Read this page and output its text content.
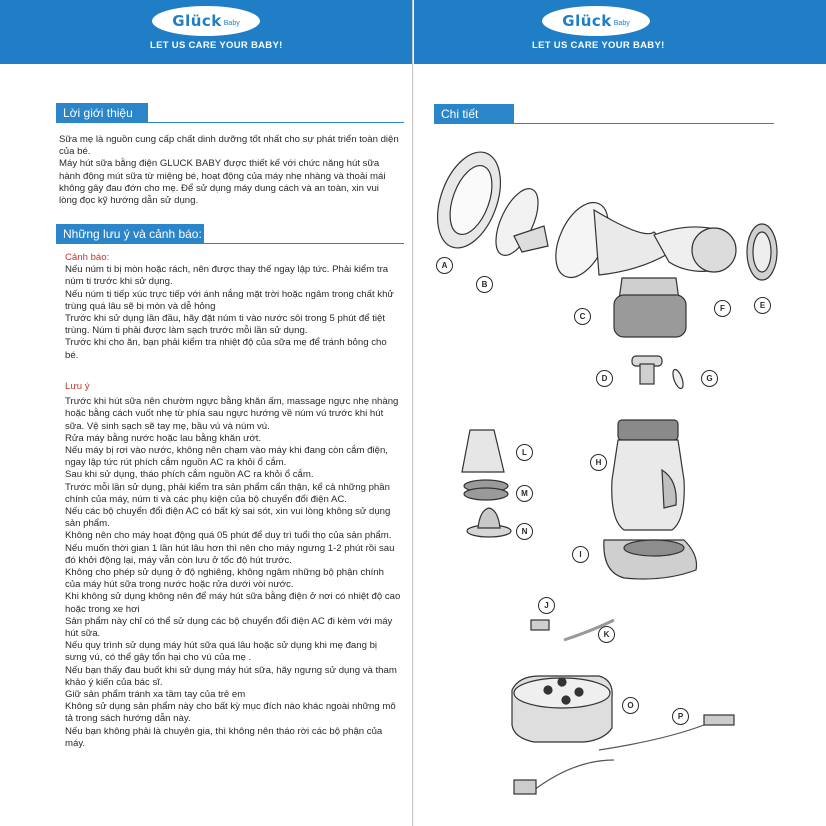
Glück Baby
LET US CARE YOUR BABY!
Lời giới thiệu

Sữa mẹ là nguồn cung cấp chất dinh dưỡng tốt nhất cho sự phát triển toàn diện của bé.

Máy hút sữa bằng điện GLUCK BABY được thiết kế với chức năng hút sữa hành động mút sữa từ miệng bé, hoạt động của máy nhẹ nhàng và thoải mái không gây đau đớn cho mẹ. Để sử dụng máy dung cách và an toàn, xin vui lòng đọc kỹ hướng dẫn sử dụng.

Những lưu ý và cảnh báo:

Cảnh báo:

Nếu núm ti bị mòn hoặc rách, nên được thay thế ngay lập tức. Phải kiểm tra núm ti trước khi sử dụng.

Nếu núm ti tiếp xúc trực tiếp với ánh nắng mặt trời hoặc ngâm trong chất khử trùng quá lâu sẽ bị mòn và dễ hỏng

Trước khi sử dụng lần đầu, hãy đặt núm ti vào nước sôi trong 5 phút để tiệt trùng. Núm ti phải được làm sạch trước mỗi lần sử dụng.

Trước khi cho ăn, bạn phải kiểm tra nhiệt độ của sữa mẹ để tránh bỏng cho bé.

Lưu ý

Trước khi hút sữa nên chườm ngực bằng khăn ấm, massage ngực nhẹ nhàng hoặc bằng cách vuốt nhẹ từ phía sau ngực hướng về núm vú trước khi hút sữa. Vệ sinh sạch sẽ tay mẹ, bầu vú và núm vú.

Rửa máy bằng nước hoặc lau bằng khăn ướt.

Nếu máy bị rơi vào nước, không nên chạm vào máy khi đang còn cắm điện, ngay lập tức rút phích cắm nguồn AC ra khỏi ổ cắm.

Sau khi sử dụng, tháo phích cắm nguồn AC ra khỏi ổ cắm.

Trước mỗi lần sử dụng, phải kiểm tra sản phẩm cẩn thận, kể cả những phần chính của máy, núm ti và các phụ kiện của bộ chuyển đổi điện AC.

Nếu các bộ chuyển đổi điện AC có bất kỳ sai sót, xin vui lòng không sử dụng sản phẩm.

Không nên cho máy hoạt động quá 05 phút để duy trì tuổi thọ của sản phẩm. Nếu muốn thời gian 1 lần hút lâu hơn thì nên cho máy ngưng 1-2 phút rồi sau đó khởi động lại, máy vẫn còn lưu ở tốc độ hút trước.

Không cho phép sử dụng ở độ nghiêng, không ngâm những bộ phận chính của máy hút sữa trong nước hoặc rửa dưới vòi nước.

Khi không sử dụng không nên để máy hút sữa bằng điện ở nơi có nhiệt độ cao hoặc trong xe hơi

Sản phẩm này chỉ có thể sử dụng các bộ chuyển đổi điện AC đi kèm với máy hút sữa.

Nếu quy trình sử dụng máy hút sữa quá lâu hoặc sử dụng khi mẹ đang bị sưng vú, có thể gây tổn hại cho vú của mẹ .

Nếu bạn thấy đau buốt khi sử dụng máy hút sữa, hãy ngưng sử dụng và tham khảo ý kiến của bác sĩ.

Giữ sản phẩm tránh xa tầm tay của trẻ em

Không sử dụng sản phẩm này cho bất kỳ mục đích nào khác ngoài những mô tả trong sách hướng dẫn này.

Nếu bạn không phải là chuyên gia, thì không nên tháo rời các bộ phận của máy.

Glück Baby
LET US CARE YOUR BABY!
Chi tiết
A
B
C
D
E
F
G
H
I
J
K
L
M
N
O
P
